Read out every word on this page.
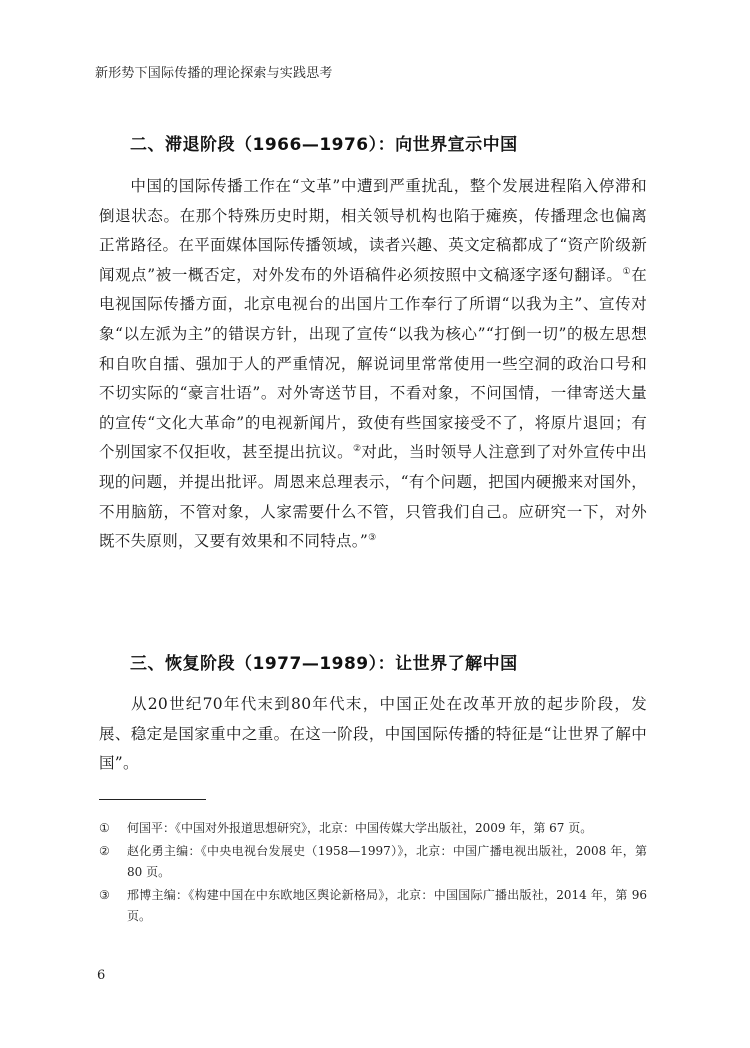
新形势下国际传播的理论探索与实践思考
二、滞退阶段（1966—1976）：向世界宣示中国
中国的国际传播工作在“文革”中遭到严重扰乱，整个发展进程陷入停滞和倒退状态。在那个特殊历史时期，相关领导机构也陷于瘫痪，传播理念也偏离正常路径。在平面媒体国际传播领域，读者兴趣、英文定稿都成了“资产阶级新闻观点”被一概否定，对外发布的外语稿件必须按照中文稿逐字逐句翻译。①在电视国际传播方面，北京电视台的出国片工作奉行了所谓“以我为主”、宣传对象“以左派为主”的错误方针，出现了宣传“以我为核心”“打倒一切”的极左思想和自吹自擂、强加于人的严重情况，解说词里常常使用一些空洞的政治口号和不切实际的“豪言壮语”。对外寄送节目，不看对象，不问国情，一律寄送大量的宣传“文化大革命”的电视新闻片，致使有些国家接受不了，将原片退回；有个别国家不仅拒收，甚至提出抗议。②对此，当时领导人注意到了对外宣传中出现的问题，并提出批评。周恩来总理表示，“有个问题，把国内硬搬来对国外，不用脑筋，不管对象，人家需要什么不管，只管我们自己。应研究一下，对外既不失原则，又要有效果和不同特点。”③
三、恢复阶段（1977—1989）：让世界了解中国
从20世纪70年代末到80年代末，中国正处在改革开放的起步阶段，发展、稳定是国家重中之重。在这一阶段，中国国际传播的特征是“让世界了解中国”。
①	何国平：《中国对外报道思想研究》，北京：中国传媒大学出版社，2009 年，第 67 页。
②	赵化勇主编：《中央电视台发展史（1958—1997）》，北京：中国广播电视出版社，2008 年，第 80 页。
③	邢博主编：《构建中国在中东欧地区舆论新格局》，北京：中国国际广播出版社，2014 年，第 96 页。
6
